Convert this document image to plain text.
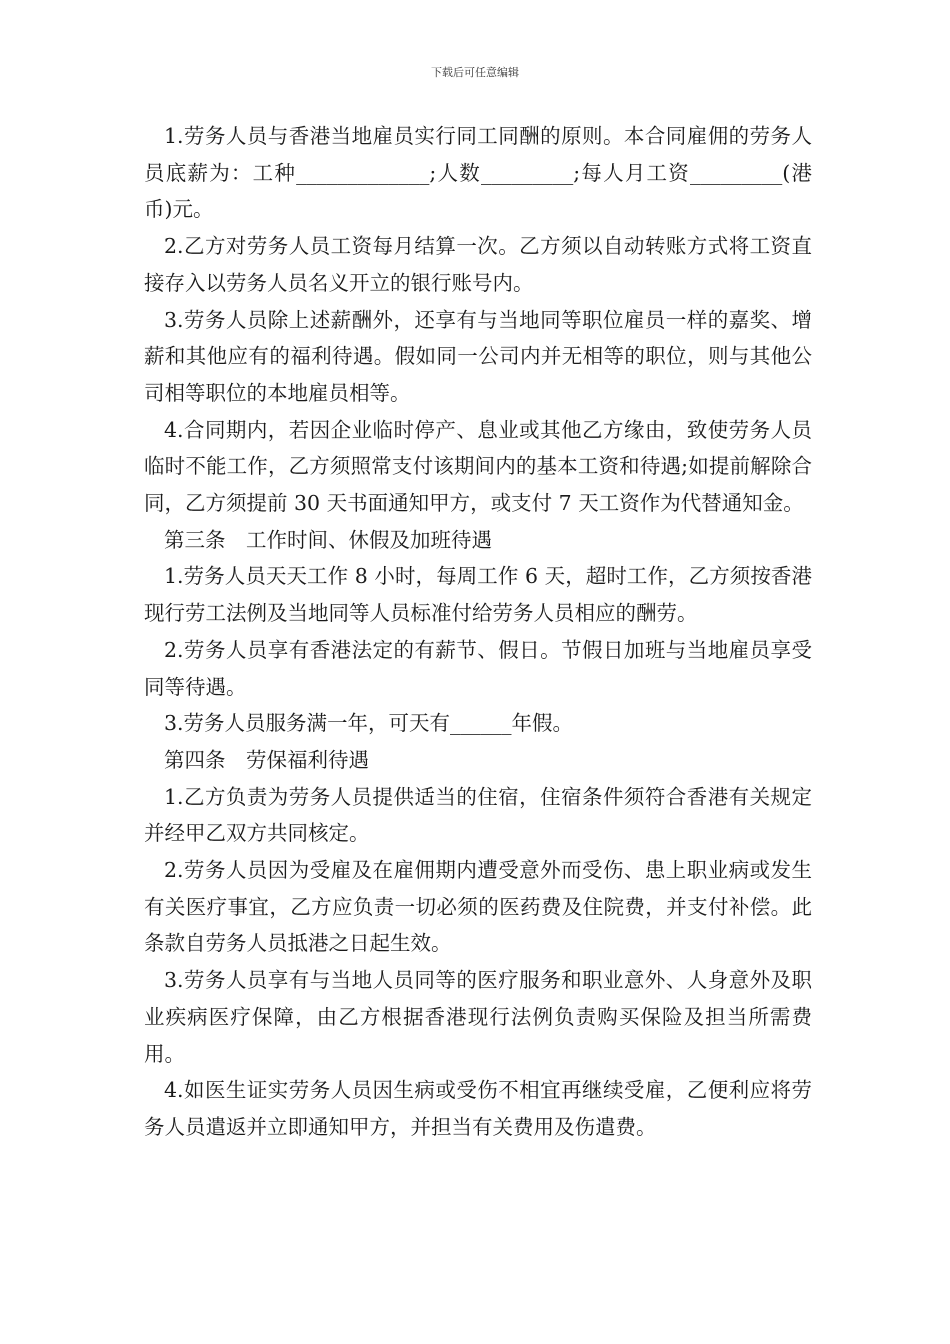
下载后可任意编辑

1.劳务人员与香港当地雇员实行同工同酬的原则。本合同雇佣的劳务人员底薪为：工种_____________;人数_________;每人月工资_________(港币)元。

2.乙方对劳务人员工资每月结算一次。乙方须以自动转账方式将工资直接存入以劳务人员名义开立的银行账号内。

3.劳务人员除上述薪酬外，还享有与当地同等职位雇员一样的嘉奖、增薪和其他应有的福利待遇。假如同一公司内并无相等的职位，则与其他公司相等职位的本地雇员相等。

4.合同期内，若因企业临时停产、息业或其他乙方缘由，致使劳务人员临时不能工作，乙方须照常支付该期间内的基本工资和待遇;如提前解除合同，乙方须提前 30 天书面通知甲方，或支付 7 天工资作为代替通知金。

第三条　工作时间、休假及加班待遇

1.劳务人员天天工作 8 小时，每周工作 6 天，超时工作，乙方须按香港现行劳工法例及当地同等人员标准付给劳务人员相应的酬劳。

2.劳务人员享有香港法定的有薪节、假日。节假日加班与当地雇员享受同等待遇。

3.劳务人员服务满一年，可天有______年假。

第四条　劳保福利待遇

1.乙方负责为劳务人员提供适当的住宿，住宿条件须符合香港有关规定并经甲乙双方共同核定。

2.劳务人员因为受雇及在雇佣期内遭受意外而受伤、患上职业病或发生有关医疗事宜，乙方应负责一切必须的医药费及住院费，并支付补偿。此条款自劳务人员抵港之日起生效。

3.劳务人员享有与当地人员同等的医疗服务和职业意外、人身意外及职业疾病医疗保障，由乙方根据香港现行法例负责购买保险及担当所需费用。

4.如医生证实劳务人员因生病或受伤不相宜再继续受雇，乙便利应将劳务人员遣返并立即通知甲方，并担当有关费用及伤遣费。
